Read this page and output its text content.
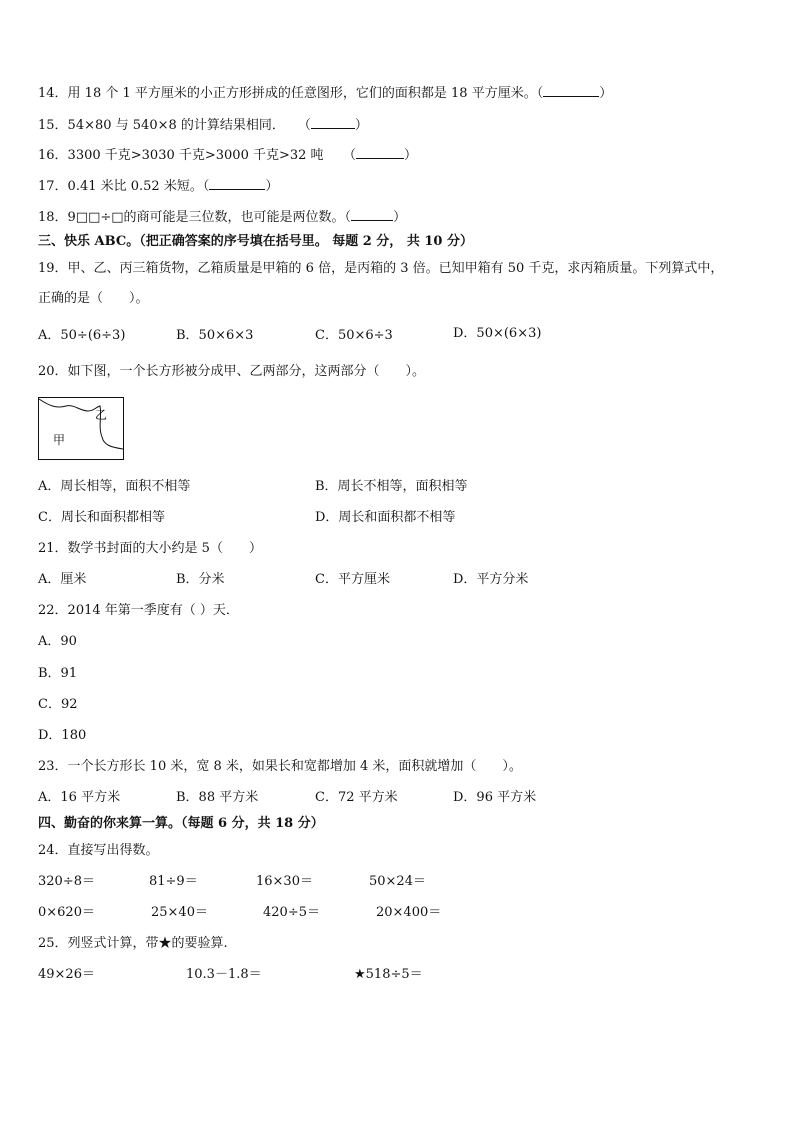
14．用 18 个 1 平方厘米的小正方形拼成的任意图形，它们的面积都是 18 平方厘米。（	）
15．54×80 与 540×8 的计算结果相同．　　（	）
16．3300 千克>3030 千克>3000 千克>32 吨　　（	）
17．0.41 米比 0.52 米短。（	）
18．9□□÷□的商可能是三位数，也可能是两位数。（	）
三、快乐 ABC。（把正确答案的序号填在括号里。 每题 2 分， 共 10 分）
19．甲、乙、丙三箱货物，乙箱质量是甲箱的 6 倍，是丙箱的 3 倍。已知甲箱有 50 千克，求丙箱质量。下列算式中，
正确的是（　　）。
A．50÷(6÷3)	B．50×6×3	C．50×6÷3	D．50×(6×3)
20．如下图，一个长方形被分成甲、乙两部分，这两部分（　　）。
乙
甲
A．周长相等，面积不相等	B．周长不相等，面积相等
C．周长和面积都相等	D．周长和面积都不相等
21．数学书封面的大小约是 5（　　）
A．厘米	B．分米	C．平方厘米	D．平方分米
22．2014 年第一季度有（ ）天．
A．90
B．91
C．92
D．180
23．一个长方形长 10 米，宽 8 米，如果长和宽都增加 4 米，面积就增加（　　）。
A．16 平方米	B．88 平方米	C．72 平方米	D．96 平方米
四、勤奋的你来算一算。（每题 6 分，共 18 分）
24．直接写出得数。
320÷8＝	81÷9＝	16×30＝	50×24＝
0×620＝	25×40＝	420÷5＝	20×400＝
25．列竖式计算，带★的要验算.
49×26＝	10.3－1.8＝	★518÷5＝
